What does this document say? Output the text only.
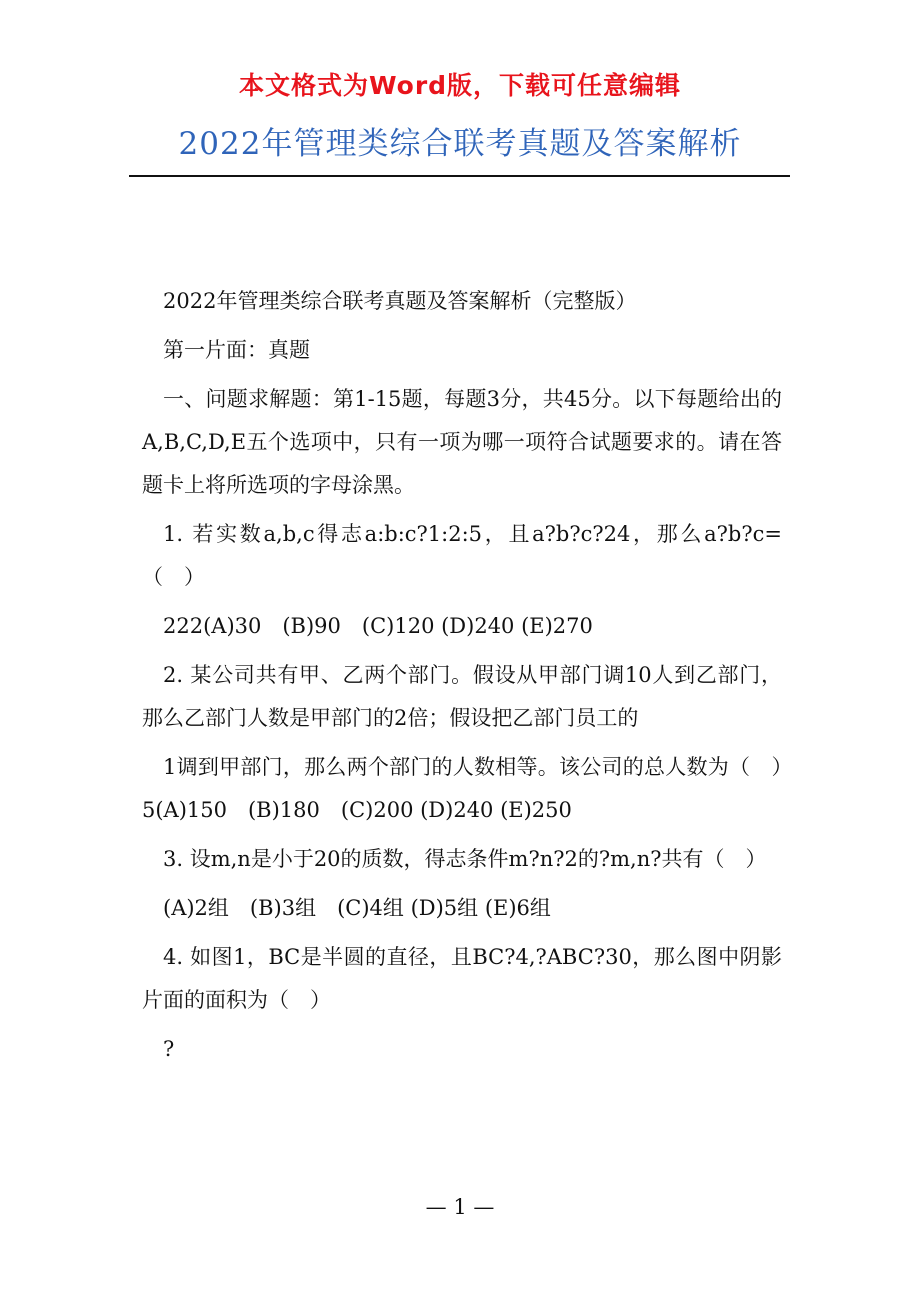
本文格式为Word版，下载可任意编辑
2022年管理类综合联考真题及答案解析

2022年管理类综合联考真题及答案解析（完整版）

第一片面：真题

一、问题求解题：第1-15题，每题3分，共45分。以下每题给出的A,B,C,D,E五个选项中，只有一项为哪一项符合试题要求的。请在答题卡上将所选项的字母涂黑。

1. 若实数a,b,c得志a:b:c?1:2:5，且a?b?c?24，那么a?b?c=（　）

222(A)30　(B)90　(C)120 (D)240 (E)270

2. 某公司共有甲、乙两个部门。假设从甲部门调10人到乙部门，那么乙部门人数是甲部门的2倍；假设把乙部门员工的

1调到甲部门，那么两个部门的人数相等。该公司的总人数为（　）　5(A)150　(B)180　(C)200 (D)240 (E)250

3. 设m,n是小于20的质数，得志条件m?n?2的?m,n?共有（　）

(A)2组　(B)3组　(C)4组 (D)5组 (E)6组

4. 如图1，BC是半圆的直径，且BC?4,?ABC?30，那么图中阴影片面的面积为（　）

?

— 1 —
